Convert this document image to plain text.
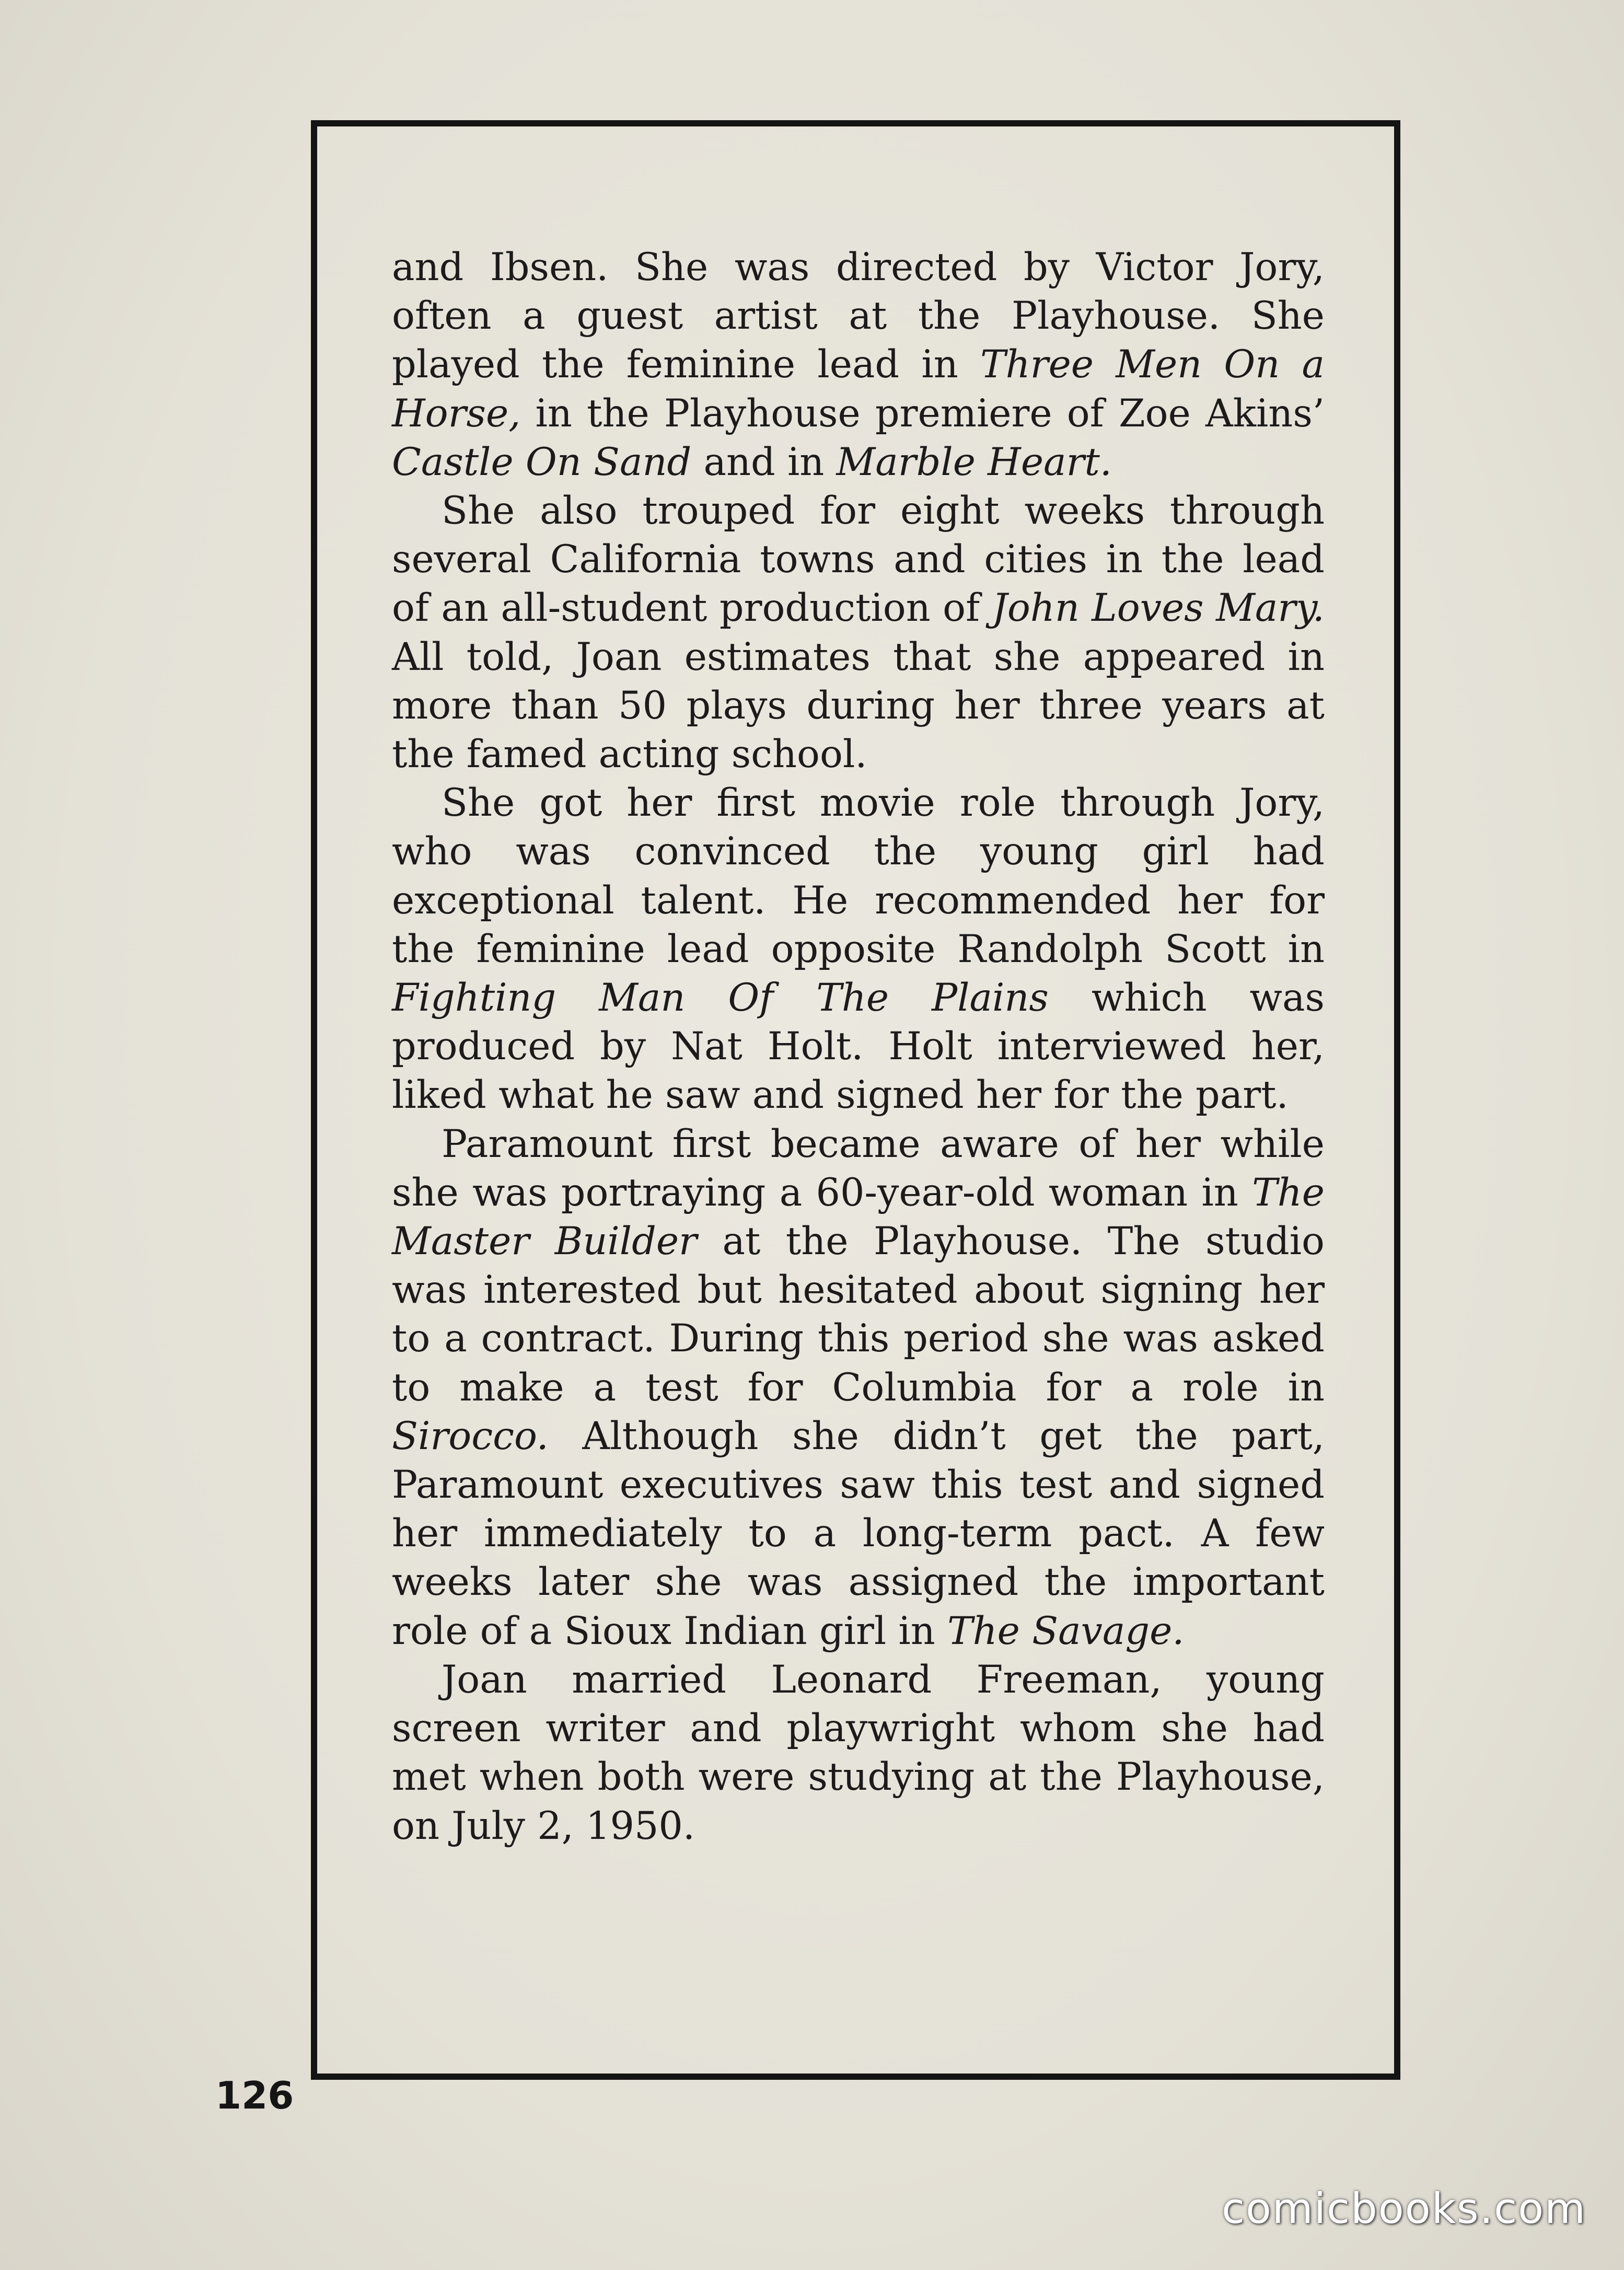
and Ibsen. She was directed by Victor Jory, often a guest artist at the Playhouse. She played the feminine lead in Three Men On a Horse, in the Playhouse premiere of Zoe Akins’ Castle On Sand and in Marble Heart.

She also trouped for eight weeks through several California towns and cities in the lead of an all-student production of John Loves Mary. All told, Joan estimates that she appeared in more than 50 plays during her three years at the famed acting school.

She got her first movie role through Jory, who was convinced the young girl had exceptional talent. He recommended her for the feminine lead opposite Randolph Scott in Fighting Man Of The Plains which was produced by Nat Holt. Holt interviewed her, liked what he saw and signed her for the part.

Paramount first became aware of her while she was portraying a 60-year-old woman in The Master Builder at the Playhouse. The studio was interested but hesitated about signing her to a contract. During this period she was asked to make a test for Columbia for a role in Sirocco. Although she didn’t get the part, Paramount executives saw this test and signed her immediately to a long-term pact. A few weeks later she was assigned the important role of a Sioux Indian girl in The Savage.

Joan married Leonard Freeman, young screen writer and playwright whom she had met when both were studying at the Playhouse, on July 2, 1950.

126
comicbooks.com
